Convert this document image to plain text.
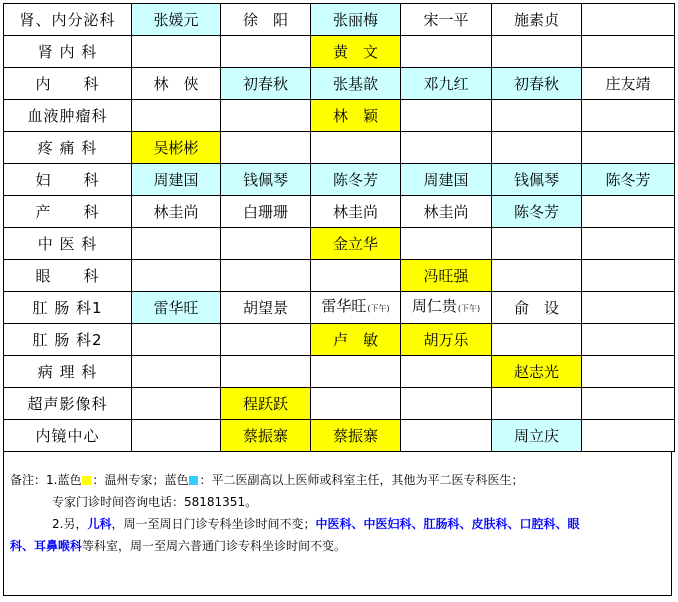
肾、内分泌科	张媛元	徐　阳	张丽梅	宋一平	施素贞	
肾 内 科			黄　文			
内　　科	林　俠	初春秋	张基歆	邓九红	初春秋	庄友靖
血液肿瘤科			林　颖			
疼 痛 科	吴彬彬					
妇　　科	周建国	钱佩琴	陈冬芳	周建国	钱佩琴	陈冬芳
产　　科	林圭尚	白珊珊	林圭尚	林圭尚	陈冬芳	
中 医 科			金立华			
眼　　科				冯旺强		
肛 肠 科1	雷华旺	胡望景	雷华旺(下午)	周仁贵(下午)	俞　设	
肛 肠 科2			卢　敏	胡万乐		
病 理 科					赵志光	
超声影像科		程跃跃				
内镜中心		蔡振寨	蔡振寨		周立庆	
备注：1.蓝色 ：温州专家；蓝色 ：平二医副高以上医师或科室主任，其他为平二医专科医生；
专家门诊时间咨询电话：58181351。
2.另，儿科，周一至周日门诊专科坐诊时间不变；中医科、中医妇科、肛肠科、皮肤科、口腔科、眼
科、耳鼻喉科等科室，周一至周六普通门诊专科坐诊时间不变。
